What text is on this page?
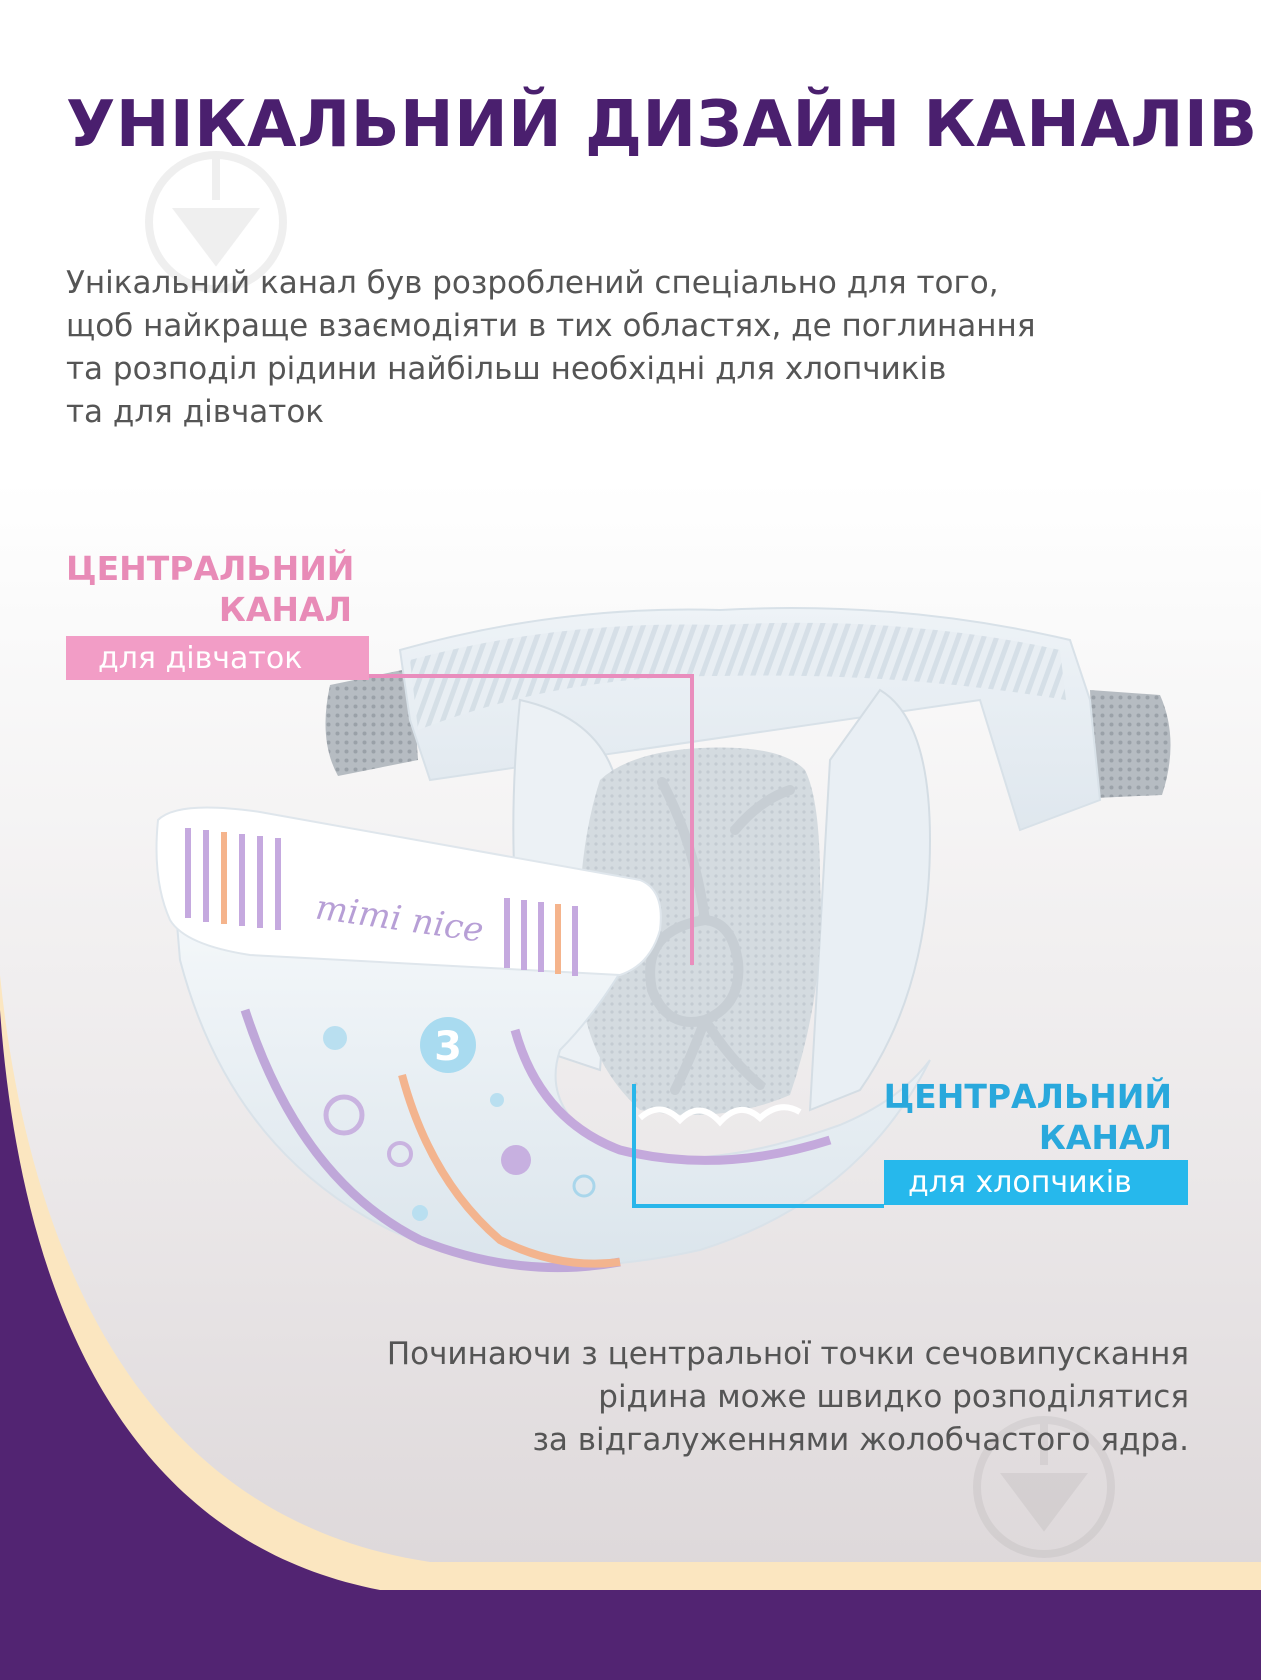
3
mimi nice
УНІКАЛЬНИЙ ДИЗАЙН КАНАЛІВ
Унікальний канал був розроблений спеціально для того,
щоб найкраще взаємодіяти в тих областях, де поглинання
та розподіл рідини найбільш необхідні для хлопчиків
та для дівчаток
ЦЕНТРАЛЬНИЙ
КАНАЛ
для дівчаток
ЦЕНТРАЛЬНИЙ
КАНАЛ
для хлопчиків
Починаючи з центральної точки сечовипускання
рідина може швидко розподілятися
за відгалуженнями жолобчастого ядра.
